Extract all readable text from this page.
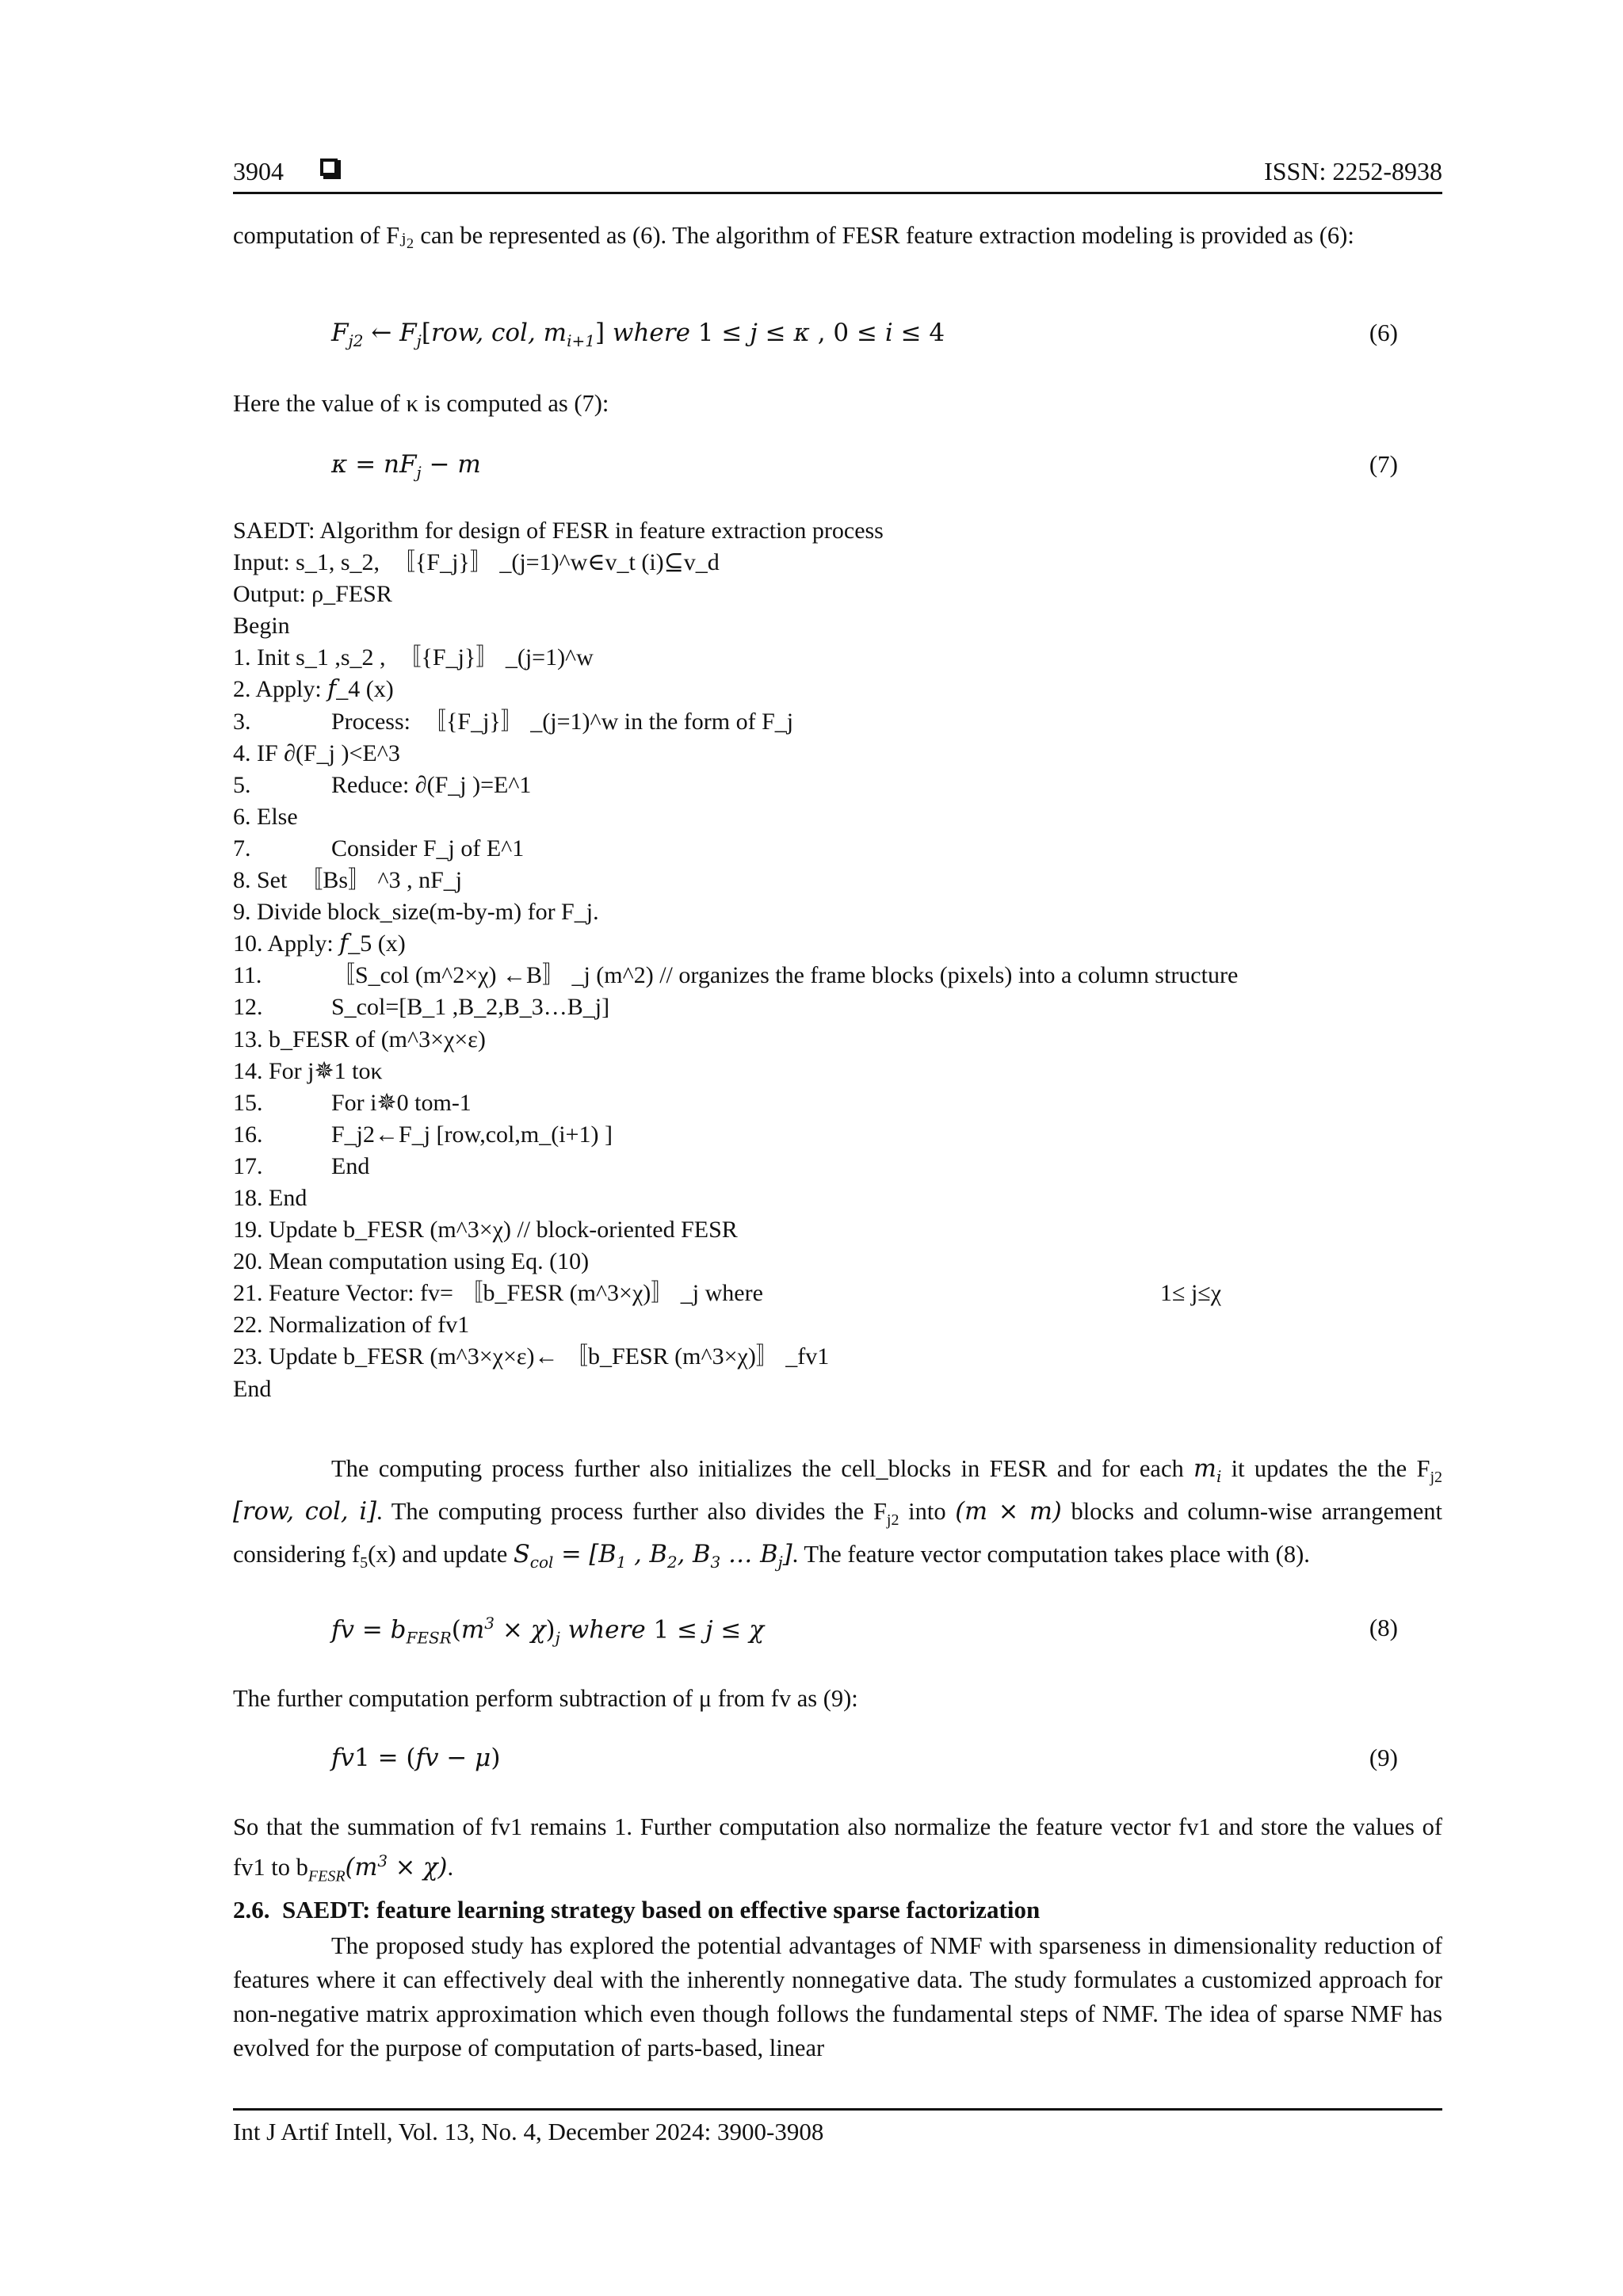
3904	ISSN: 2252-8938
computation of Fⱼ₂ can be represented as (6). The algorithm of FESR feature extraction modeling is provided as (6):
$F_{j2}$ ← $F_j[row$, col, $m_{i+1}$] where 1 ≤ j ≤ κ , 0 ≤ i ≤ 4	(6)
Here the value of κ is computed as (7):
$\kappa = nF_j - m$	(7)
SAEDT: Algorithm for design of FESR in feature extraction process
Input: s_1, s_2,  〚{F_j}〛 _(j=1)^w∈v_t (i)⊆v_d
Output: ρ_FESR
Begin
1. Init s_1 ,s_2 ,  〚{F_j}〛 _(j=1)^w
2. Apply: 𝑓_4 (x)
3.	Process:  〚{F_j}〛 _(j=1)^w in the form of F_j
4. IF ∂(F_j )<E^3
5.	Reduce: ∂(F_j )=E^1
6. Else
7.	Consider F_j of E^1
8. Set  〚Bs〛 ^3 , nF_j
9. Divide block_size(m-by-m) for F_j.
10. Apply: 𝑓_5 (x)
11.	〚S_col (m^2×χ) ←B〛 _j (m^2) // organizes the frame blocks (pixels) into a column structure
12.	S_col=[B_1 ,B_2,B_3…B_j]
13. b_FESR of (m^3×χ×ε)
14. For j✵1 toκ
15.	For i✵0 tom-1
16.	F_j2←F_j [row,col,m_(i+1) ]
17.	End
18. End
19. Update b_FESR (m^3×χ) // block-oriented FESR
20. Mean computation using Eq. (10)
21. Feature Vector: fv= 〚b_FESR (m^3×χ)〛 _j where	1≤ j≤χ
22. Normalization of fv1
23. Update b_FESR (m^3×χ×ε)← 〚b_FESR (m^3×χ)〛 _fv1
End
The computing process further also initializes the cell_blocks in FESR and for each $m_i$ it updates the the $F_{j2}$ [row, col, i]. The computing process further also divides the $F_{j2}$ into (m × m) blocks and column-wise arrangement considering $f_5(x)$ and update $S_{col} = [B_1$ , $B_2$, $B_3$ … $B_j$]. The feature vector computation takes place with (8).
fv = $b_{FESR}(m^3 \times \chi)_j$ where 1 ≤ j ≤ χ	(8)
The further computation perform subtraction of μ from fv as (9):
fv1 = (fv − μ)	(9)
So that the summation of fv1 remains 1. Further computation also normalize the feature vector fv1 and store the values of fv1 to $b_{FESR}(m^3 \times \chi)$.
2.6. SAEDT: feature learning strategy based on effective sparse factorization
The proposed study has explored the potential advantages of NMF with sparseness in dimensionality reduction of features where it can effectively deal with the inherently nonnegative data. The study formulates a customized approach for non-negative matrix approximation which even though follows the fundamental steps of NMF. The idea of sparse NMF has evolved for the purpose of computation of parts-based, linear
Int J Artif Intell, Vol. 13, No. 4, December 2024: 3900-3908
